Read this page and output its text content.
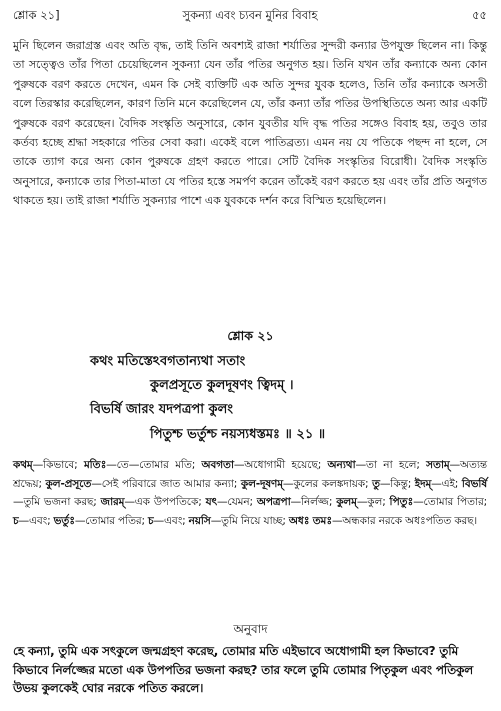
শ্লোক ২১]	সুকন্যা এবং চ্যবন মুনির বিবাহ	৫৫

মুনি ছিলেন জরাগ্রস্ত এবং অতি বৃদ্ধ, তাই তিনি অবশ্যই রাজা শর্যাতির সুন্দরী কন্যার উপযুক্ত ছিলেন না। কিন্তু তা সত্ত্বেও তাঁর পিতা চেয়েছিলেন সুকন্যা যেন তাঁর পতির অনুগত হয়। তিনি যখন তাঁর কন্যাকে অন্য কোন পুরুষকে বরণ করতে দেখেন, এমন কি সেই ব্যক্তিটি এক অতি সুন্দর যুবক হলেও, তিনি তাঁর কন্যাকে অসতী বলে তিরস্কার করেছিলেন, কারণ তিনি মনে করেছিলেন যে, তাঁর কন্যা তাঁর পতির উপস্থিতিতে অন্য আর একটি পুরুষকে বরণ করেছেন। বৈদিক সংস্কৃতি অনুসারে, কোন যুবতীর যদি বৃদ্ধ পতির সঙ্গেও বিবাহ হয়, তবুও তার কর্তব্য হচ্ছে শ্রদ্ধা সহকারে পতির সেবা করা। একেই বলে পাতিব্রত্য। এমন নয় যে পতিকে পছন্দ না হলে, সে তাকে ত্যাগ করে অন্য কোন পুরুষকে গ্রহণ করতে পারে। সেটি বৈদিক সংস্কৃতির বিরোধী। বৈদিক সংস্কৃতি অনুসারে, কন্যাকে তার পিতা-মাতা যে পতির হস্তে সমর্পণ করেন তাঁকেই বরণ করতে হয় এবং তাঁর প্রতি অনুগত থাকতে হয়। তাই রাজা শর্যাতি সুকন্যার পাশে এক যুবককে দর্শন করে বিস্মিত হয়েছিলেন।

শ্লোক ২১
কথং মতিস্তেঽবগতান্যথা সতাং
কুলপ্রসূতে কুলদূষণং ত্বিদম্ ।
বিভর্ষি জারং যদপত্রপা কুলং
পিতুশ্চ ভর্তুশ্চ নয়স্যধস্তমঃ ॥ ২১ ॥

কথম্—কিভাবে; মতিঃ—তে—তোমার মতি; অবগতা—অধোগামী হয়েছে; অন্যথা—তা না হলে; সতাম্—অত্যন্ত শ্রদ্ধেয়; কুল-প্রসূতে—সেই পরিবারে জাত আমার কন্যা; কুল-দূষণম্—কুলের কলঙ্কদায়ক; তু—কিন্তু; ইদম্—এই; বিভর্ষি—তুমি ভজনা করছ; জারম্—এক উপপতিকে; যৎ—যেমন; অপত্রপা—নির্লজ্জ; কুলম্—কুল; পিতুঃ—তোমার পিতার; চ—এবং; ভর্তুঃ—তোমার পতির; চ—এবং; নয়সি—তুমি নিয়ে যাচ্ছ; অধঃ তমঃ—অন্ধকার নরকে অধঃপতিত করছ।

অনুবাদ

হে কন্যা, তুমি এক সৎকুলে জন্মগ্রহণ করেছ, তোমার মতি এইভাবে অধোগামী হল কিভাবে? তুমি কিভাবে নির্লজ্জের মতো এক উপপতির ভজনা করছ? তার ফলে তুমি তোমার পিতৃকুল এবং পতিকুল উভয় কুলকেই ঘোর নরকে পতিত করলে।
